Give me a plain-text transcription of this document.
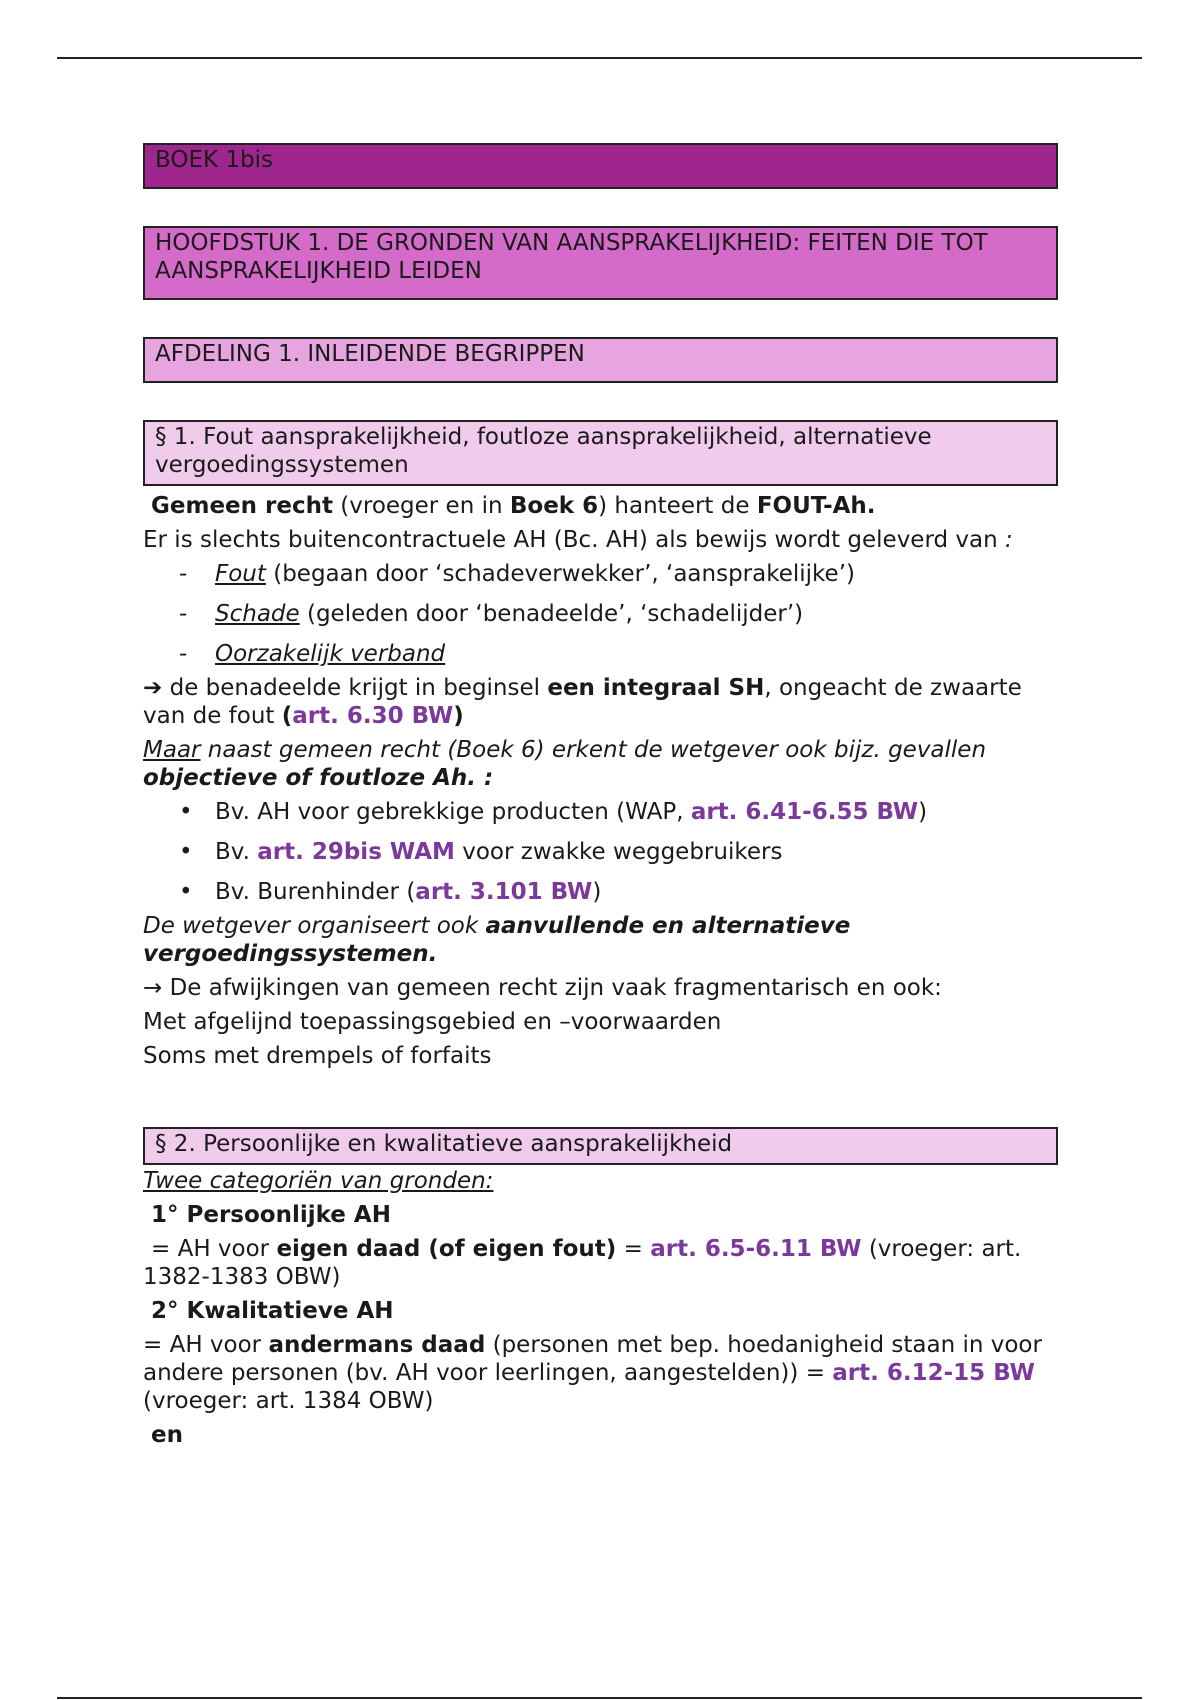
BOEK 1bis
HOOFDSTUK 1. DE GRONDEN VAN AANSPRAKELIJKHEID: FEITEN DIE TOT AANSPRAKELIJKHEID LEIDEN
AFDELING 1. INLEIDENDE BEGRIPPEN
§ 1. Fout aansprakelijkheid, foutloze aansprakelijkheid, alternatieve vergoedingssystemen

Gemeen recht (vroeger en in Boek 6) hanteert de FOUT-Ah.

Er is slechts buitencontractuele AH (Bc. AH) als bewijs wordt geleverd van :

- Fout (begaan door ‘schadeverwekker’, ‘aansprakelijke’)
- Schade (geleden door ‘benadeelde’, ‘schadelijder’)
- Oorzakelijk verband

➔ de benadeelde krijgt in beginsel een integraal SH, ongeacht de zwaarte van de fout (art. 6.30 BW)

Maar naast gemeen recht (Boek 6) erkent de wetgever ook bijz. gevallen objectieve of foutloze Ah. :

• Bv. AH voor gebrekkige producten (WAP, art. 6.41-6.55 BW)
• Bv. art. 29bis WAM voor zwakke weggebruikers
• Bv. Burenhinder (art. 3.101 BW)

De wetgever organiseert ook aanvullende en alternatieve vergoedingssystemen.

→ De afwijkingen van gemeen recht zijn vaak fragmentarisch en ook:

Met afgelijnd toepassingsgebied en –voorwaarden

Soms met drempels of forfaits

§ 2. Persoonlijke en kwalitatieve aansprakelijkheid

Twee categoriën van gronden:

1° Persoonlijke AH

= AH voor eigen daad (of eigen fout) = art. 6.5-6.11 BW (vroeger: art. 1382-1383 OBW)

2° Kwalitatieve AH

= AH voor andermans daad (personen met bep. hoedanigheid staan in voor andere personen (bv. AH voor leerlingen, aangestelden)) = art. 6.12-15 BW (vroeger: art. 1384 OBW)

en
